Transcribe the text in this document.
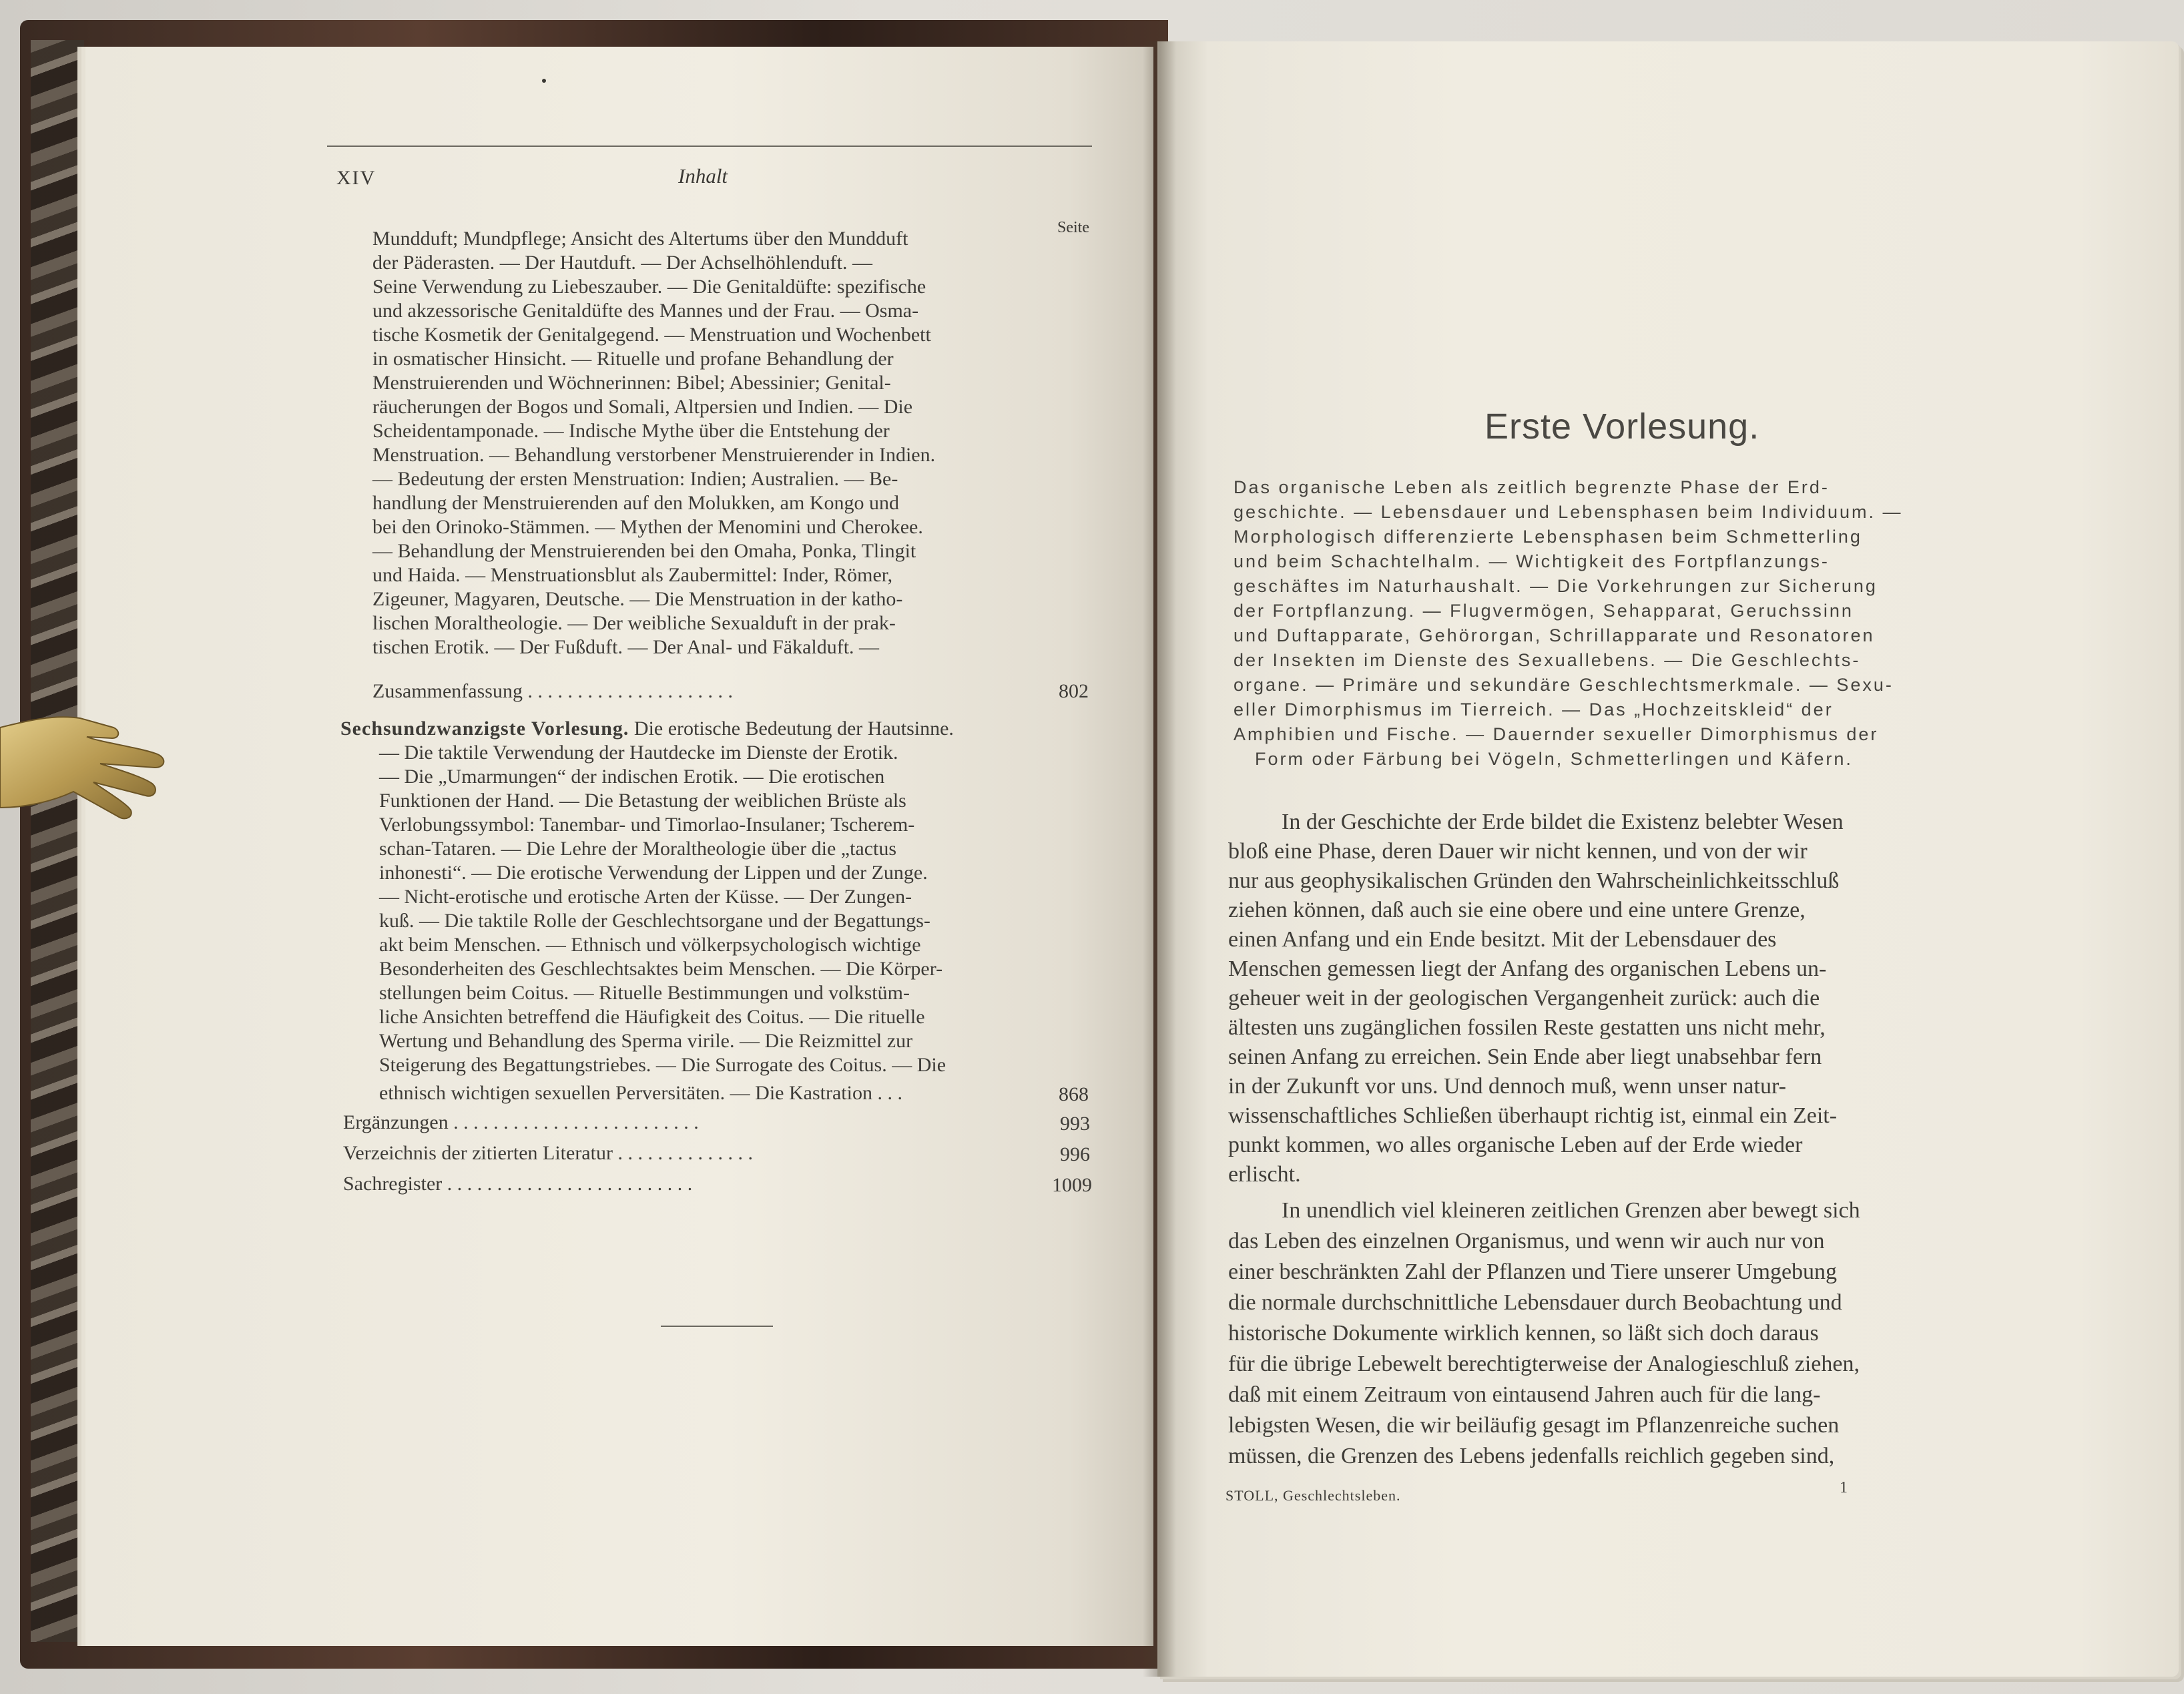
XIV	Inhalt
Seite
Mundduft; Mundpflege; Ansicht des Altertums über den Mundduft
der Päderasten. — Der Hautduft. — Der Achselhöhlenduft. —
Seine Verwendung zu Liebeszauber. — Die Genitaldüfte: spezifische
und akzessorische Genitaldüfte des Mannes und der Frau. — Osma-
tische Kosmetik der Genitalgegend. — Menstruation und Wochenbett
in osmatischer Hinsicht. — Rituelle und profane Behandlung der
Menstruierenden und Wöchnerinnen: Bibel; Abessinier; Genital-
räucherungen der Bogos und Somali, Altpersien und Indien. — Die
Scheidentamponade. — Indische Mythe über die Entstehung der
Menstruation. — Behandlung verstorbener Menstruierender in Indien.
— Bedeutung der ersten Menstruation: Indien; Australien. — Be-
handlung der Menstruierenden auf den Molukken, am Kongo und
bei den Orinoko-Stämmen. — Mythen der Menomini und Cherokee.
— Behandlung der Menstruierenden bei den Omaha, Ponka, Tlingit
und Haida. — Menstruationsblut als Zaubermittel: Inder, Römer,
Zigeuner, Magyaren, Deutsche. — Die Menstruation in der katho-
lischen Moraltheologie. — Der weibliche Sexualduft in der prak-
tischen Erotik. — Der Fußduft. — Der Anal- und Fäkalduft. —
Zusammenfassung . . . . . . . . . . . . . . . . . . . . .	802
Sechsundzwanzigste Vorlesung. Die erotische Bedeutung der Hautsinne.
— Die taktile Verwendung der Hautdecke im Dienste der Erotik.
— Die „Umarmungen“ der indischen Erotik. — Die erotischen
Funktionen der Hand. — Die Betastung der weiblichen Brüste als
Verlobungssymbol: Tanembar- und Timorlao-Insulaner; Tscherem-
schan-Tataren. — Die Lehre der Moraltheologie über die „tactus
inhonesti“. — Die erotische Verwendung der Lippen und der Zunge.
— Nicht-erotische und erotische Arten der Küsse. — Der Zungen-
kuß. — Die taktile Rolle der Geschlechtsorgane und der Begattungs-
akt beim Menschen. — Ethnisch und völkerpsychologisch wichtige
Besonderheiten des Geschlechtsaktes beim Menschen. — Die Körper-
stellungen beim Coitus. — Rituelle Bestimmungen und volkstüm-
liche Ansichten betreffend die Häufigkeit des Coitus. — Die rituelle
Wertung und Behandlung des Sperma virile. — Die Reizmittel zur
Steigerung des Begattungstriebes. — Die Surrogate des Coitus. — Die
ethnisch wichtigen sexuellen Perversitäten. — Die Kastration . . .	868
Ergänzungen . . . . . . . . . . . . . . . . . . . . . . . . .	993
Verzeichnis der zitierten Literatur . . . . . . . . . . . . . .	996
Sachregister . . . . . . . . . . . . . . . . . . . . . . . . .	1009
Erste Vorlesung.
Das organische Leben als zeitlich begrenzte Phase der Erd-
geschichte. — Lebensdauer und Lebensphasen beim Individuum. —
Morphologisch differenzierte Lebensphasen beim Schmetterling
und beim Schachtelhalm. — Wichtigkeit des Fortpflanzungs-
geschäftes im Naturhaushalt. — Die Vorkehrungen zur Sicherung
der Fortpflanzung. — Flugvermögen, Sehapparat, Geruchssinn
und Duftapparate, Gehörorgan, Schrillapparate und Resonatoren
der Insekten im Dienste des Sexuallebens. — Die Geschlechts-
organe. — Primäre und sekundäre Geschlechtsmerkmale. — Sexu-
eller Dimorphismus im Tierreich. — Das „Hochzeitskleid“ der
Amphibien und Fische. — Dauernder sexueller Dimorphismus der
Form oder Färbung bei Vögeln, Schmetterlingen und Käfern.
In der Geschichte der Erde bildet die Existenz belebter Wesen
bloß eine Phase, deren Dauer wir nicht kennen, und von der wir
nur aus geophysikalischen Gründen den Wahrscheinlichkeitsschluß
ziehen können, daß auch sie eine obere und eine untere Grenze,
einen Anfang und ein Ende besitzt. Mit der Lebensdauer des
Menschen gemessen liegt der Anfang des organischen Lebens un-
geheuer weit in der geologischen Vergangenheit zurück: auch die
ältesten uns zugänglichen fossilen Reste gestatten uns nicht mehr,
seinen Anfang zu erreichen. Sein Ende aber liegt unabsehbar fern
in der Zukunft vor uns. Und dennoch muß, wenn unser natur-
wissenschaftliches Schließen überhaupt richtig ist, einmal ein Zeit-
punkt kommen, wo alles organische Leben auf der Erde wieder
erlischt.
In unendlich viel kleineren zeitlichen Grenzen aber bewegt sich
das Leben des einzelnen Organismus, und wenn wir auch nur von
einer beschränkten Zahl der Pflanzen und Tiere unserer Umgebung
die normale durchschnittliche Lebensdauer durch Beobachtung und
historische Dokumente wirklich kennen, so läßt sich doch daraus
für die übrige Lebewelt berechtigterweise der Analogieschluß ziehen,
daß mit einem Zeitraum von eintausend Jahren auch für die lang-
lebigsten Wesen, die wir beiläufig gesagt im Pflanzenreiche suchen
müssen, die Grenzen des Lebens jedenfalls reichlich gegeben sind,
STOLL, Geschlechtsleben.	1
